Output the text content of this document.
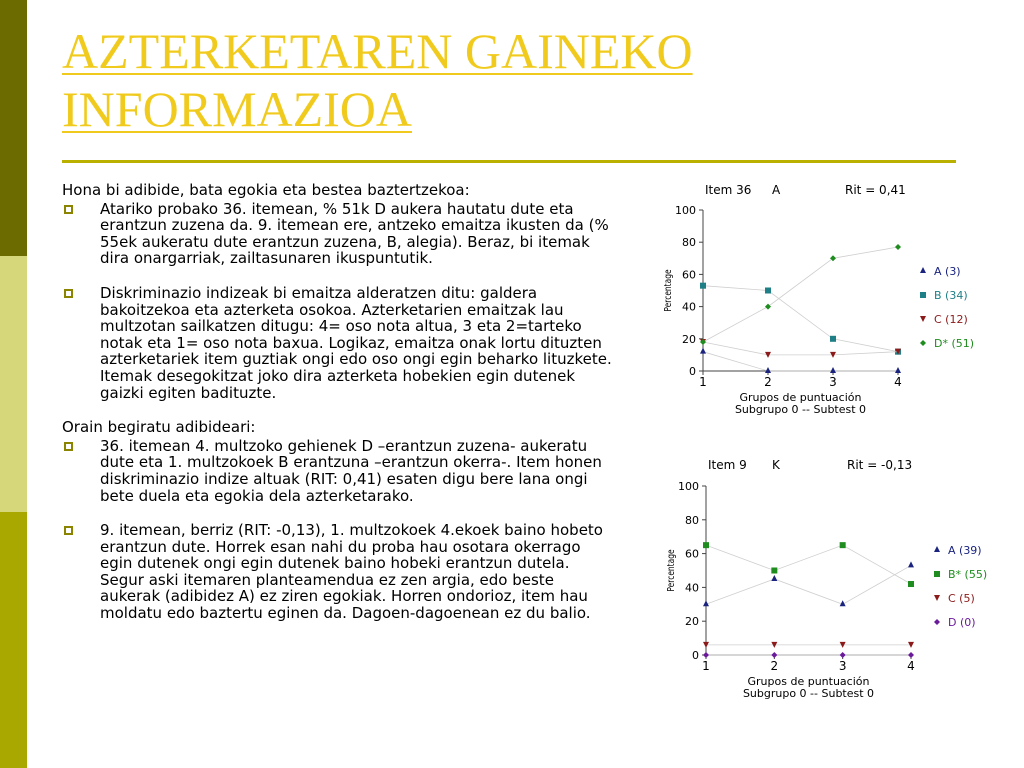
AZTERKETAREN GAINEKO
INFORMAZIOA

Hona bi adibide, bata egokia eta bestea baztertzekoa:

Atariko probako 36. itemean, % 51k D aukera hautatu dute eta erantzun zuzena da. 9. itemean ere, antzeko emaitza ikusten da (% 55ek aukeratu dute erantzun zuzena, B, alegia). Beraz, bi itemak dira onargarriak, zailtasunaren ikuspuntutik.
Diskriminazio indizeak bi emaitza alderatzen ditu: galdera bakoitzekoa eta azterketa osokoa. Azterketarien emaitzak lau multzotan sailkatzen ditugu: 4= oso nota altua, 3 eta 2=tarteko notak eta 1= oso nota baxua. Logikaz, emaitza onak lortu dituzten azterketariek item guztiak ongi edo oso ongi egin beharko lituzkete. Itemak desegokitzat joko dira azterketa hobekien egin dutenek gaizki egiten badituzte.

Orain begiratu adibideari:

36. itemean 4. multzoko gehienek D –erantzun zuzena- aukeratu dute eta 1. multzokoek B erantzuna –erantzun okerra-. Item honen diskriminazio indize altuak (RIT: 0,41) esaten digu bere lana ongi bete duela eta egokia dela azterketarako.
9. itemean, berriz (RIT: -0,13), 1. multzokoek 4.ekoek baino hobeto erantzun dute. Horrek esan nahi du proba hau osotara okerrago egin dutenek ongi egin dutenek baino hobeki erantzun dutela. Segur aski itemaren planteamendua ez zen argia, edo beste aukerak (adibidez A) ez ziren egokiak. Horren ondorioz, item hau moldatu edo baztertu eginen da. Dagoen-dagoenean ez du balio.
Item 36 A	Rit = 0,41
0
20
40
60
80
100
1	2	3	4
Percentage
Grupos de puntuación
Subgrupo 0 -- Subtest 0
A (3)
B (34)
C (12)
D* (51)
Item 9 K	Rit = -0,13
0
20
40
60
80
100
1	2	3	4
Percentage
Grupos de puntuación
Subgrupo 0 -- Subtest 0
A (39)
B* (55)
C (5)
D (0)
